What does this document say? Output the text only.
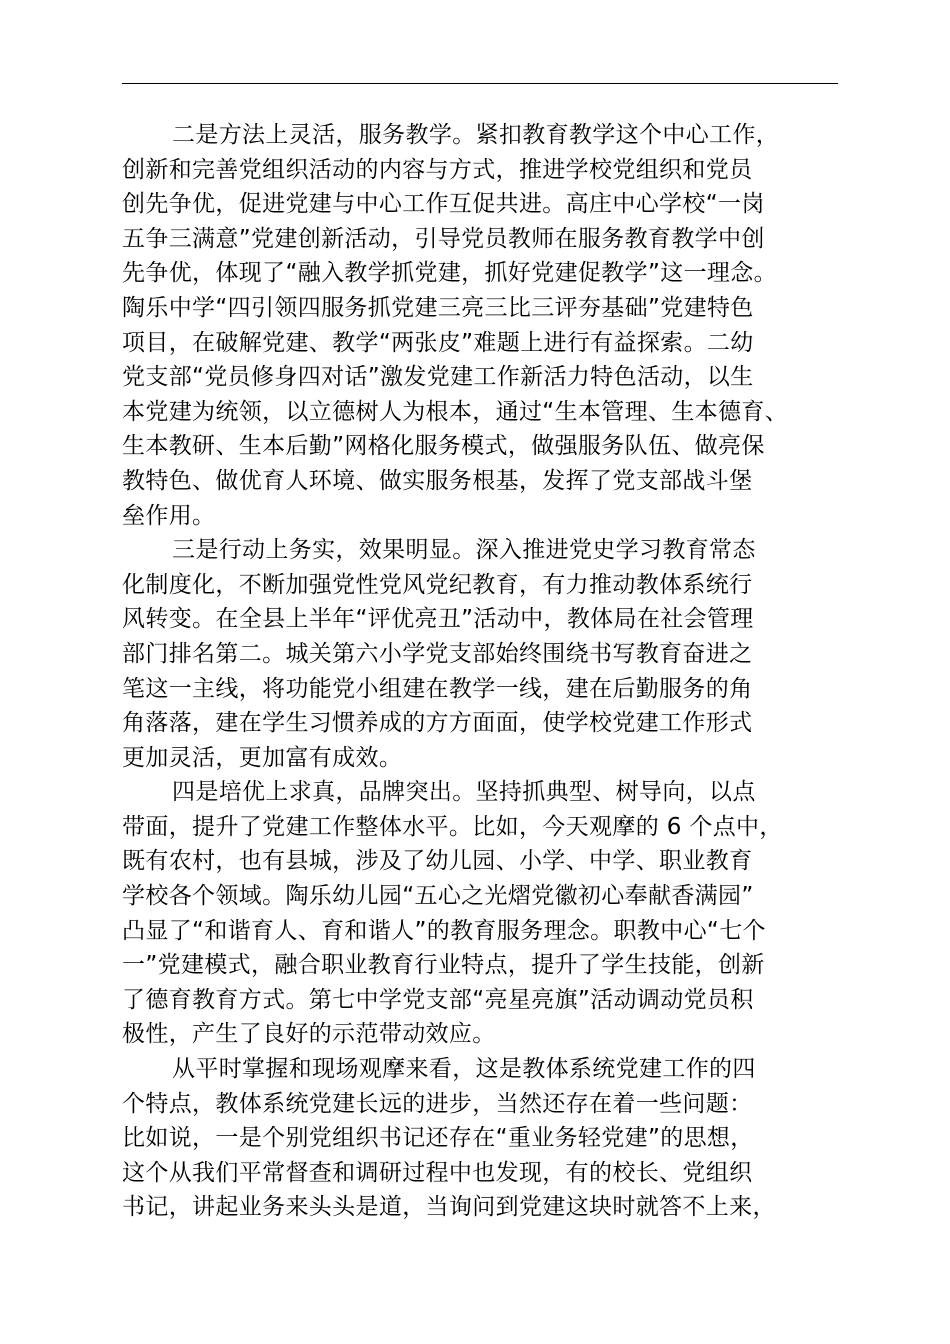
二是方法上灵活，服务教学。紧扣教育教学这个中心工作，
创新和完善党组织活动的内容与方式，推进学校党组织和党员
创先争优，促进党建与中心工作互促共进。高庄中心学校“一岗
五争三满意”党建创新活动，引导党员教师在服务教育教学中创
先争优，体现了“融入教学抓党建，抓好党建促教学”这一理念。
陶乐中学“四引领四服务抓党建三亮三比三评夯基础”党建特色
项目，在破解党建、教学“两张皮”难题上进行有益探索。二幼
党支部“党员修身四对话”激发党建工作新活力特色活动，以生
本党建为统领，以立德树人为根本，通过“生本管理、生本德育、
生本教研、生本后勤”网格化服务模式，做强服务队伍、做亮保
教特色、做优育人环境、做实服务根基，发挥了党支部战斗堡
垒作用。
三是行动上务实，效果明显。深入推进党史学习教育常态
化制度化，不断加强党性党风党纪教育，有力推动教体系统行
风转变。在全县上半年“评优亮丑”活动中，教体局在社会管理
部门排名第二。城关第六小学党支部始终围绕书写教育奋进之
笔这一主线，将功能党小组建在教学一线，建在后勤服务的角
角落落，建在学生习惯养成的方方面面，使学校党建工作形式
更加灵活，更加富有成效。
四是培优上求真，品牌突出。坚持抓典型、树导向，以点
带面，提升了党建工作整体水平。比如，今天观摩的 6 个点中，
既有农村，也有县城，涉及了幼儿园、小学、中学、职业教育
学校各个领域。陶乐幼儿园“五心之光熠党徽初心奉献香满园”
凸显了“和谐育人、育和谐人”的教育服务理念。职教中心“七个
一”党建模式，融合职业教育行业特点，提升了学生技能，创新
了德育教育方式。第七中学党支部“亮星亮旗”活动调动党员积
极性，产生了良好的示范带动效应。
从平时掌握和现场观摩来看，这是教体系统党建工作的四
个特点，教体系统党建长远的进步，当然还存在着一些问题：
比如说，一是个别党组织书记还存在“重业务轻党建”的思想，
这个从我们平常督查和调研过程中也发现，有的校长、党组织
书记，讲起业务来头头是道，当询问到党建这块时就答不上来，
